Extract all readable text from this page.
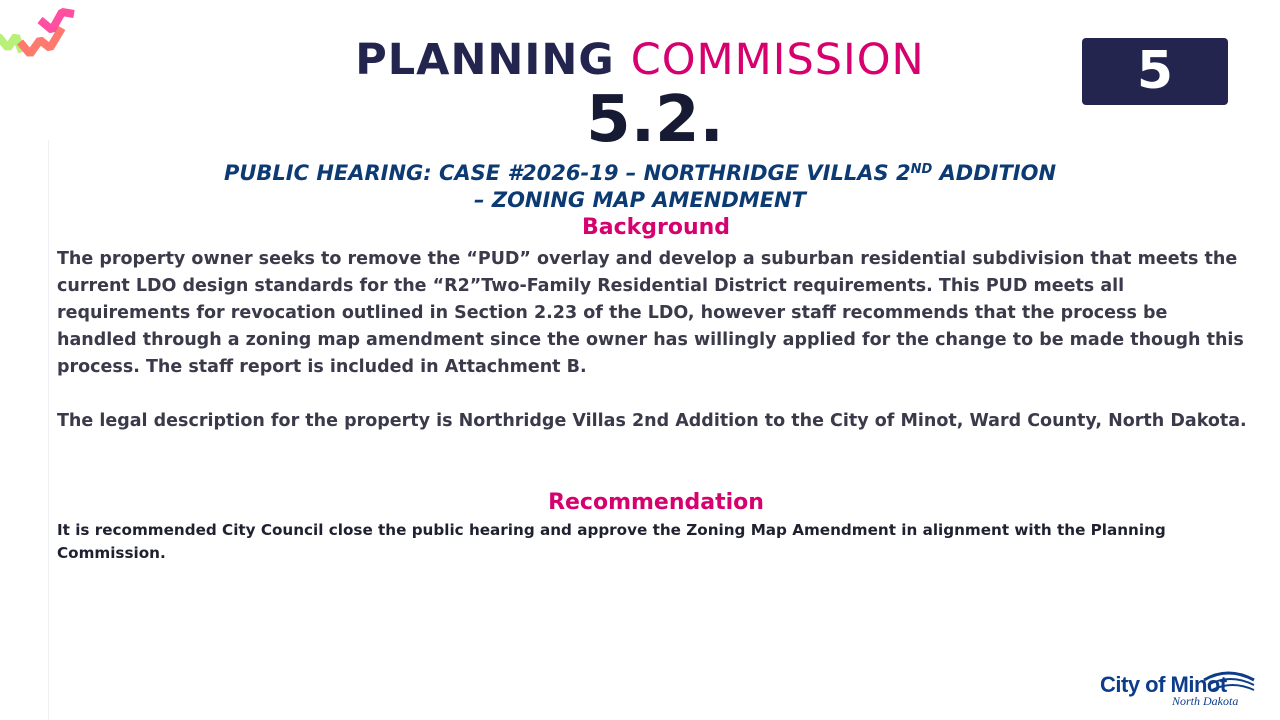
PLANNING COMMISSION
5.2.
5
PUBLIC HEARING: CASE #2026-19 – NORTHRIDGE VILLAS 2ND ADDITION
– ZONING MAP AMENDMENT
Background

The property owner seeks to remove the “PUD” overlay and develop a suburban residential subdivision that meets the current LDO design standards for the “R2”Two-Family Residential District requirements. This PUD meets all requirements for revocation outlined in Section 2.23 of the LDO, however staff recommends that the process be handled through a zoning map amendment since the owner has willingly applied for the change to be made though this process. The staff report is included in Attachment B.

The legal description for the property is Northridge Villas 2nd Addition to the City of Minot, Ward County, North Dakota.

Recommendation

It is recommended City Council close the public hearing and approve the Zoning Map Amendment in alignment with the Planning Commission.

City of Minot
North Dakota
